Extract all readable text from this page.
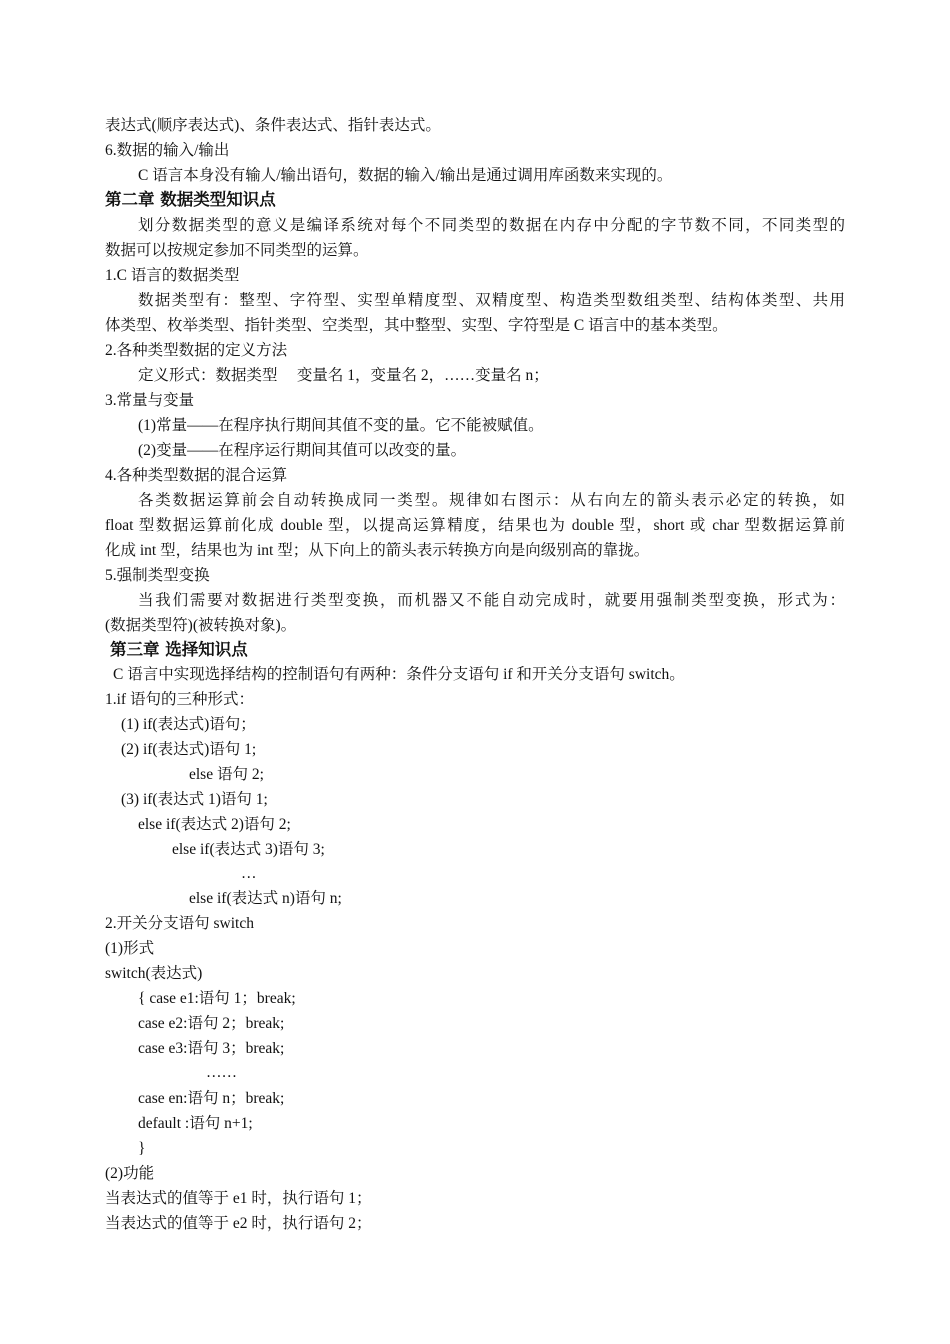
表达式(顺序表达式)、条件表达式、指针表达式。
6.数据的输入/输出
C 语言本身没有输人/输出语句，数据的输入/输出是通过调用库函数来实现的。
第二章 数据类型知识点
划分数据类型的意义是编译系统对每个不同类型的数据在内存中分配的字节数不同，不同类型的
数据可以按规定参加不同类型的运算。
1.C 语言的数据类型
数据类型有：整型、字符型、实型单精度型、双精度型、构造类型数组类型、结构体类型、共用
体类型、枚举类型、指针类型、空类型，其中整型、实型、字符型是 C 语言中的基本类型。
2.各种类型数据的定义方法
定义形式：数据类型　 变量名 1，变量名 2，……变量名 n；
3.常量与变量
(1)常量——在程序执行期间其值不变的量。它不能被赋值。
(2)变量——在程序运行期间其值可以改变的量。
4.各种类型数据的混合运算
各类数据运算前会自动转换成同一类型。规律如右图示：从右向左的箭头表示必定的转换，如
float 型数据运算前化成 double 型，以提高运算精度，结果也为 double 型，short 或 char 型数据运算前
化成 int 型，结果也为 int 型；从下向上的箭头表示转换方向是向级别高的靠拢。
5.强制类型变换
当我们需要对数据进行类型变换，而机器又不能自动完成时，就要用强制类型变换，形式为：
(数据类型符)(被转换对象)。
第三章 选择知识点
C 语言中实现选择结构的控制语句有两种：条件分支语句 if 和开关分支语句 switch。
1.if 语句的三种形式：
(1) if(表达式)语句；
(2) if(表达式)语句 1;
else 语句 2;
(3) if(表达式 1)语句 1;
else if(表达式 2)语句 2;
else if(表达式 3)语句 3;
…
else if(表达式 n)语句 n;
2.开关分支语句 switch
(1)形式
switch(表达式)
{ case e1:语句 1；break;
case e2:语句 2；break;
case e3:语句 3；break;
……
case en:语句 n；break;
default :语句 n+1;
}
(2)功能
当表达式的值等于 e1 时，执行语句 1；
当表达式的值等于 e2 时，执行语句 2；
